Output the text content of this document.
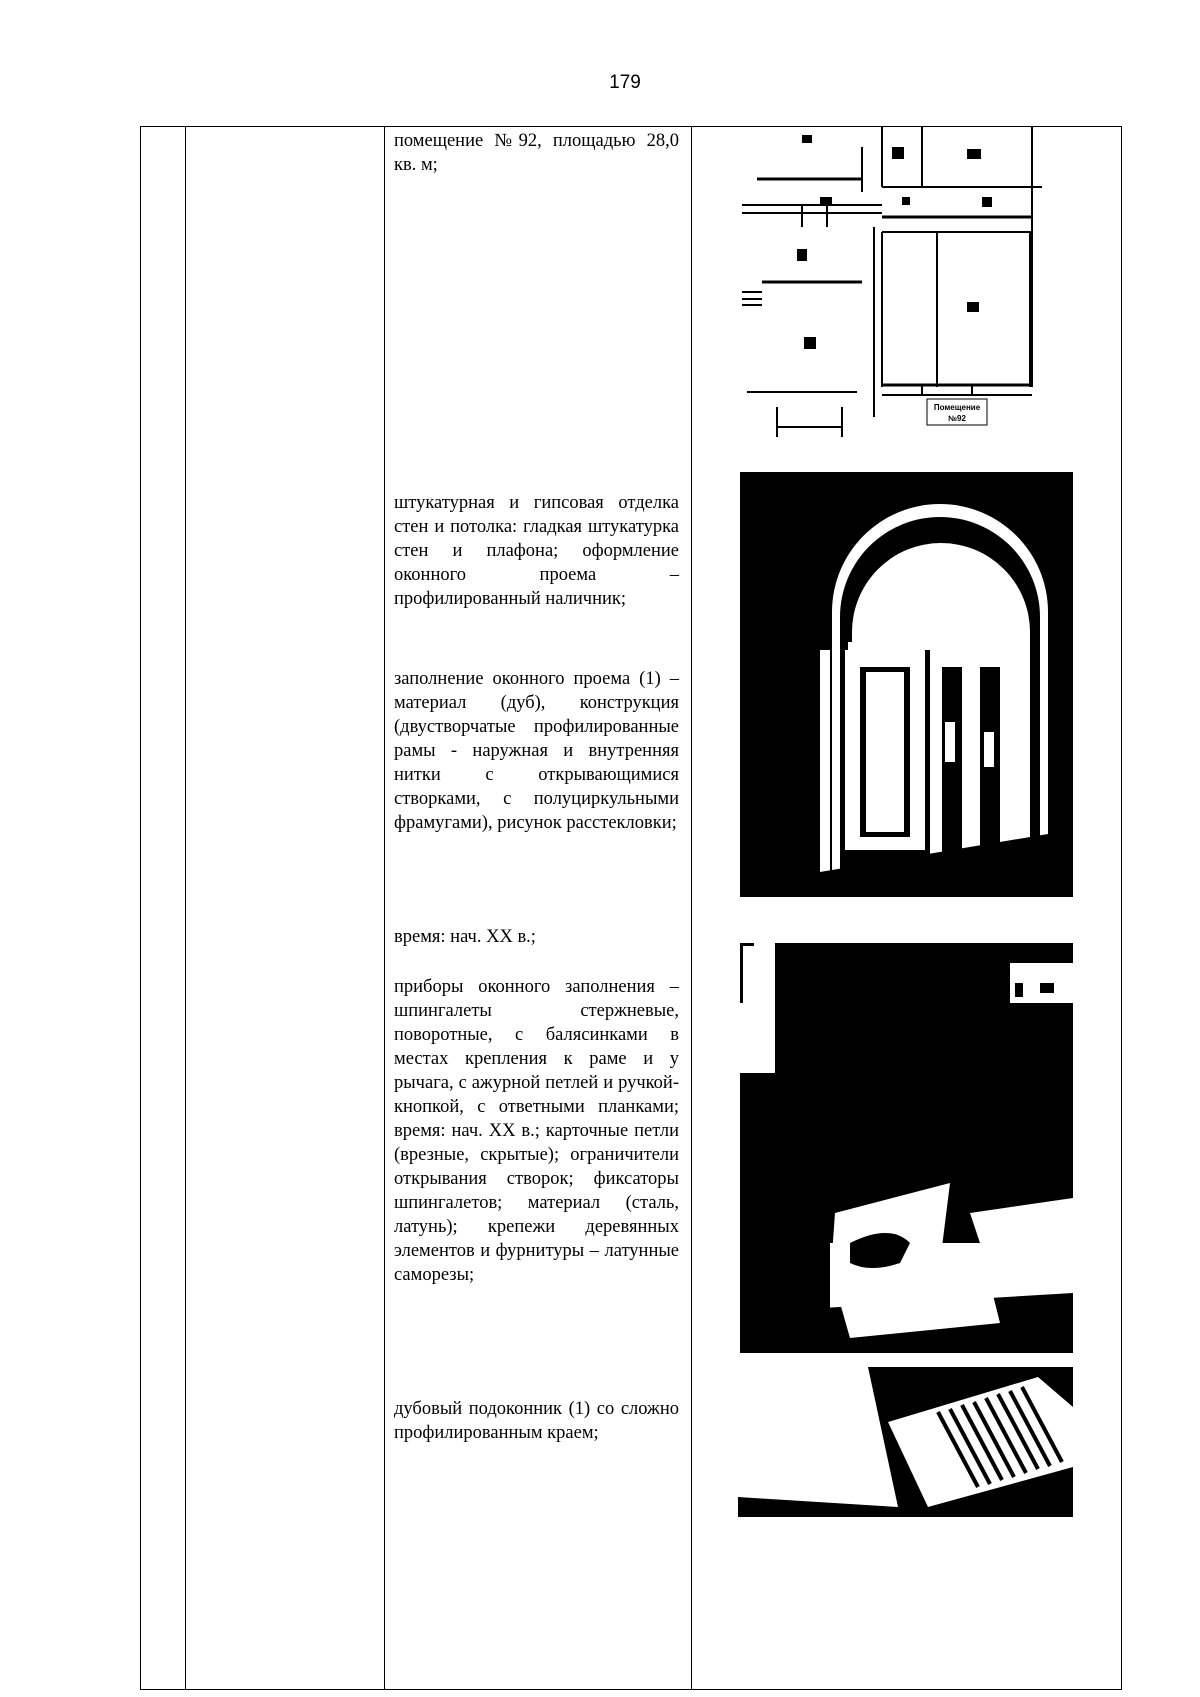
179

помещение №92, площадью 28,0 кв. м;
штукатурная и гипсовая отделка стен и потолка: гладкая штукатурка стен и плафона; оформление оконного проема – профилированный наличник;
заполнение оконного проема (1) – материал (дуб), конструкция (двустворчатые профилированные рамы - наружная и внутренняя нитки с открывающимися створками, с полуциркульными фрамугами), рисунок расстекловки;
время: нач. XX в.;
приборы оконного заполнения – шпингалеты стержневые, поворотные, с балясинками в местах крепления к раме и у рычага, с ажурной петлей и ручкой-кнопкой, с ответными планками; время: нач. XX в.; карточные петли (врезные, скрытые); ограничители открывания створок; фиксаторы шпингалетов; материал (сталь, латунь); крепежи деревянных элементов и фурнитуры – латунные саморезы;
дубовый подоконник (1) со сложно профилированным краем;

Помещение
№92
